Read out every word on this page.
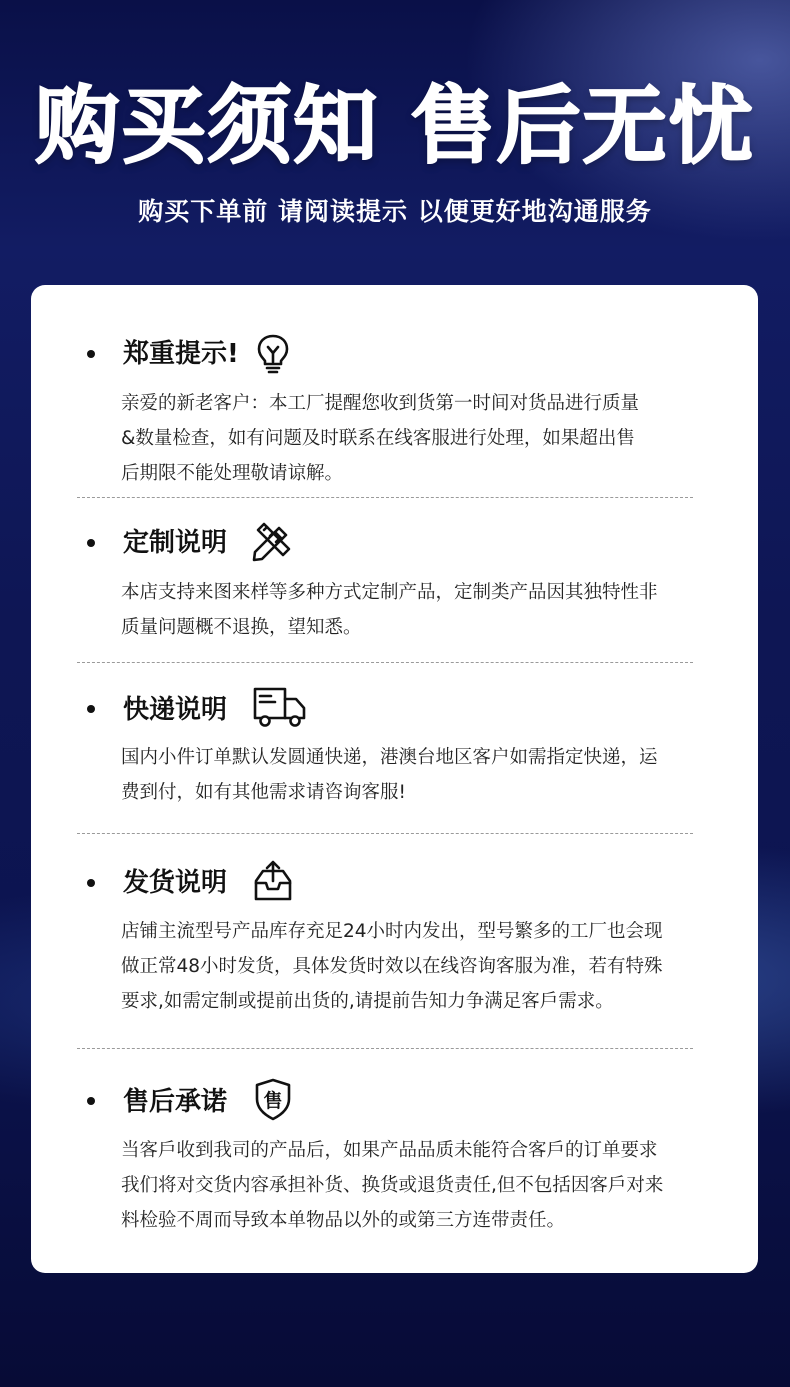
购买须知 售后无忧
购买下单前 请阅读提示 以便更好地沟通服务
郑重提示!
亲爱的新老客户：本工厂提醒您收到货第一时间对货品进行质量
&数量检查，如有问题及时联系在线客服进行处理，如果超出售
后期限不能处理敬请谅解。
定制说明
本店支持来图来样等多种方式定制产品，定制类产品因其独特性非
质量问题概不退换，望知悉。
快递说明
国内小件订单默认发圆通快递，港澳台地区客户如需指定快递，运
费到付，如有其他需求请咨询客服!
发货说明
店铺主流型号产品库存充足24小时内发出，型号繁多的工厂也会现
做正常48小时发货，具体发货时效以在线咨询客服为准，若有特殊
要求,如需定制或提前出货的,请提前告知力争满足客戶需求。
售后承诺 售
当客戶收到我司的产品后，如果产品品质未能符合客戶的订单要求
我们将对交货内容承担补货、换货或退货责任,但不包括因客戶对来
料检验不周而导致本单物品以外的或第三方连带责任。
